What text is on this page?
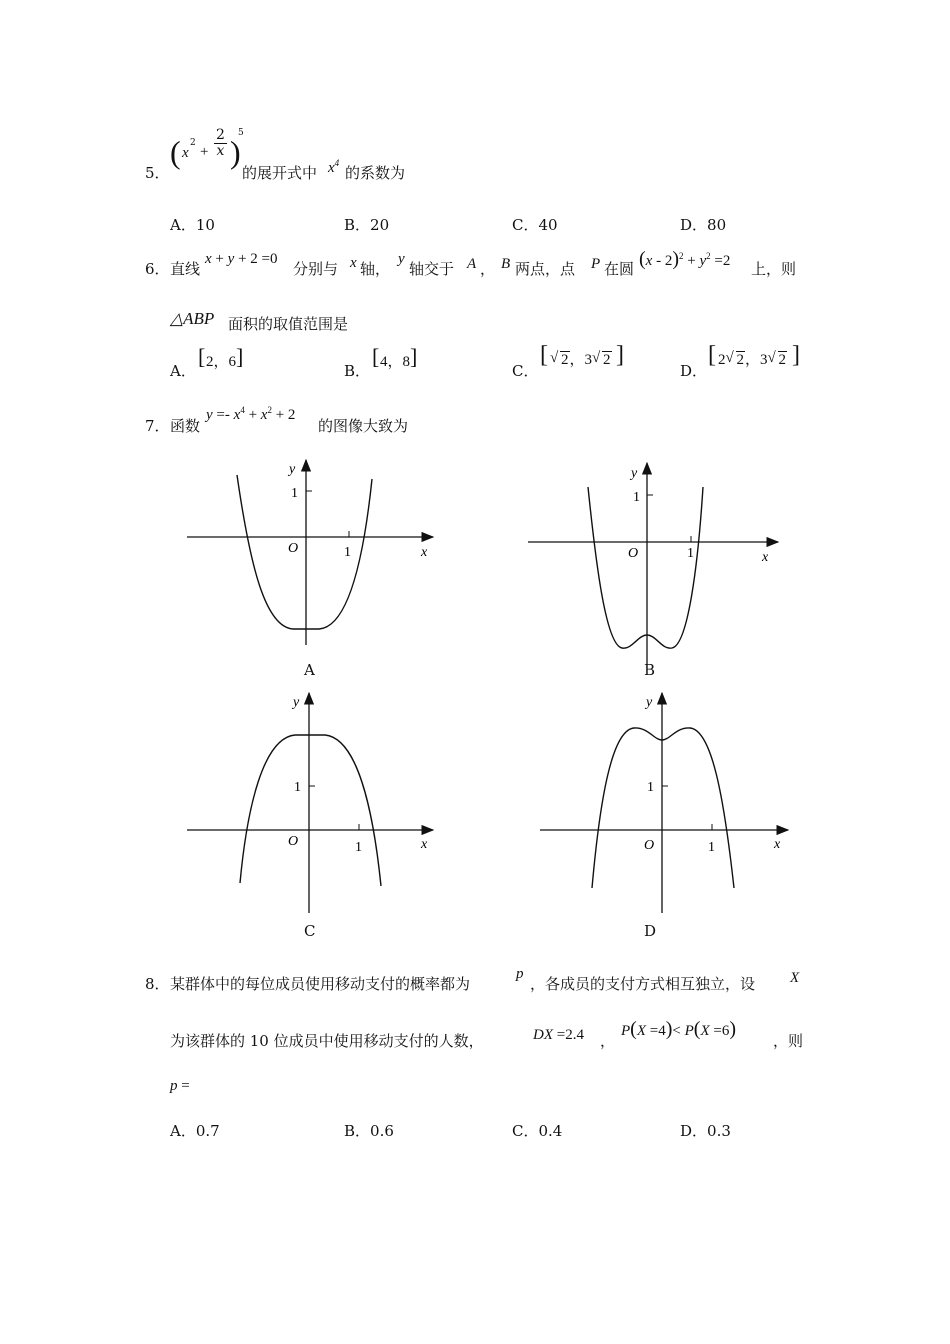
5．
( x
2
+ $\frac{2}{x}$ )
5
的展开式中 $x^4$
的系数为
A．10	B．20	C．40	D．80
6． 直线
x + y + 2 =0
分别与 x 轴，
y
轴交于 A ， B 两点，点 P 在圆 $(x - 2)^2 + y^2 =2$ 上，则
△ABP 面积的取值范围是
A．
[ 2，6 ]
B．
[ 4，8 ]
C．
[ √ 2，3 √ 2 ]
D．
[ 2 √ 2，3 √ 2 ]
7． 函数
$y =- x^4 + x^2 + 2$
的图像大致为
y
1
O	1	x
A
y
1
O	1	x
B
y
1
O	1	x
C
y
1
O	1	x
D
8． 某群体中的每位成员使用移动支付的概率都为
p
，各成员的支付方式相互独立，设 X
为该群体的 10 位成员中使用移动支付的人数，	DX =2.4 ，
P(X =4)< P(X =6)
，则
p =
A．0.7	B．0.6	C．0.4	D．0.3
